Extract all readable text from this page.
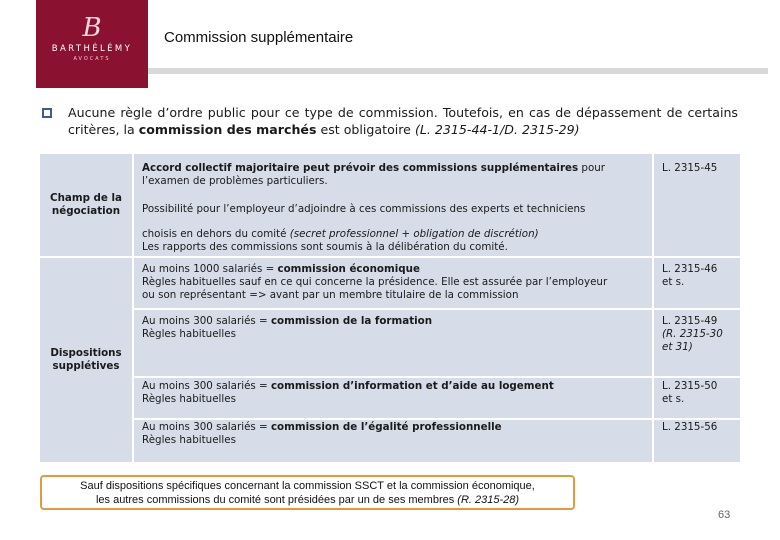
B
BARTHÉLÉMY
AVOCATS
Commission supplémentaire
Aucune règle d’ordre public pour ce type de commission. Toutefois, en cas de dépassement de certains critères, la commission des marchés est obligatoire (L. 2315-44-1/D. 2315-29)
Champ de la négociation
Accord collectif majoritaire peut prévoir des commissions supplémentaires pour l’examen de problèmes particuliers.
Possibilité pour l’employeur d’adjoindre à ces commissions des experts et techniciens
choisis en dehors du comité (secret professionnel + obligation de discrétion)
Les rapports des commissions sont soumis à la délibération du comité.
L. 2315-45
Dispositions supplétives
Au moins 1000 salariés = commission économique
Règles habituelles sauf en ce qui concerne la présidence. Elle est assurée par l’employeur
ou son représentant => avant par un membre titulaire de la commission
L. 2315-46
et s.
Au moins 300 salariés = commission de la formation
Règles habituelles
L. 2315-49
(R. 2315-30
et 31)
Au moins 300 salariés = commission d’information et d’aide au logement
Règles habituelles
L. 2315-50
et s.
Au moins 300 salariés = commission de l’égalité professionnelle
Règles habituelles
L. 2315-56
Sauf dispositions spécifiques concernant la commission SSCT et la commission économique,
les autres commissions du comité sont présidées par un de ses membres (R. 2315-28)
63
